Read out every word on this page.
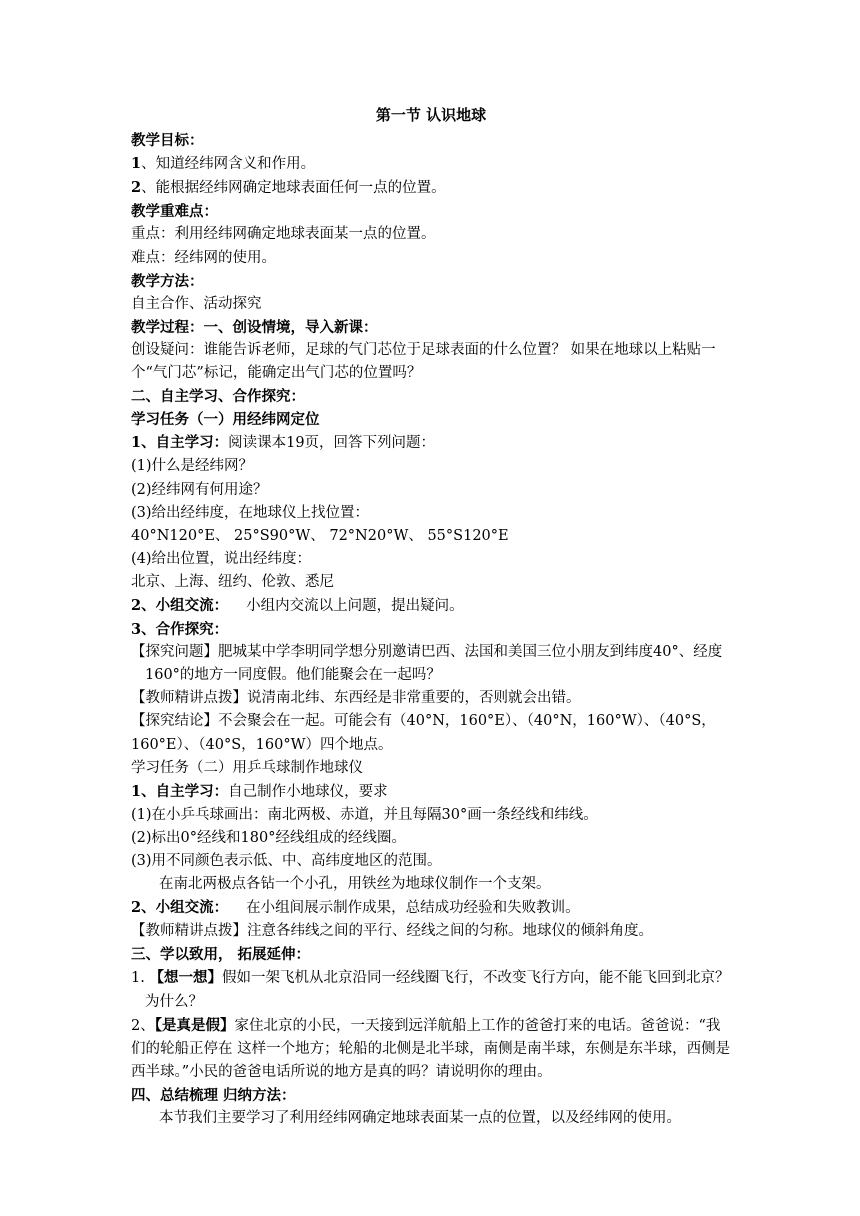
第一节 认识地球
教学目标：
1、知道经纬网含义和作用。
2、能根据经纬网确定地球表面任何一点的位置。
教学重难点：
重点：利用经纬网确定地球表面某一点的位置。
难点：经纬网的使用。
教学方法：
自主合作、活动探究
教学过程：一、创设情境，导入新课：
创设疑问：谁能告诉老师，足球的气门芯位于足球表面的什么位置？ 如果在地球以上粘贴一个“气门芯”标记，能确定出气门芯的位置吗？
二、自主学习、合作探究：
学习任务（一）用经纬网定位
1、自主学习：阅读课本19页，回答下列问题：
(1)什么是经纬网？
(2)经纬网有何用途？
(3)给出经纬度，在地球仪上找位置：
40°N120°E、 25°S90°W、 72°N20°W、 55°S120°E
(4)给出位置，说出经纬度：
北京、上海、纽约、伦敦、悉尼
2、小组交流： 小组内交流以上问题，提出疑问。
3、合作探究：
【探究问题】肥城某中学李明同学想分别邀请巴西、法国和美国三位小朋友到纬度40°、经度160°的地方一同度假。他们能聚会在一起吗？
【教师精讲点拨】说清南北纬、东西经是非常重要的，否则就会出错。
【探究结论】不会聚会在一起。可能会有（40°N，160°E）、（40°N，160°W）、（40°S，160°E）、（40°S，160°W）四个地点。
学习任务（二）用乒乓球制作地球仪
1、自主学习：自己制作小地球仪，要求
(1)在小乒乓球画出：南北两极、赤道，并且每隔30°画一条经线和纬线。
(2)标出0°经线和180°经线组成的经线圈。
(3)用不同颜色表示低、中、高纬度地区的范围。
在南北两极点各钻一个小孔，用铁丝为地球仪制作一个支架。
2、小组交流： 在小组间展示制作成果，总结成功经验和失败教训。
【教师精讲点拨】注意各纬线之间的平行、经线之间的匀称。地球仪的倾斜角度。
三、学以致用， 拓展延伸：
1. 【想一想】假如一架飞机从北京沿同一经线圈飞行，不改变飞行方向，能不能飞回到北京？为什么？
2、【是真是假】家住北京的小民，一天接到远洋航船上工作的爸爸打来的电话。爸爸说：“我们的轮船正停在 这样一个地方；轮船的北侧是北半球，南侧是南半球，东侧是东半球，西侧是西半球。”小民的爸爸电话所说的地方是真的吗？请说明你的理由。
四、总结梳理 归纳方法：
本节我们主要学习了利用经纬网确定地球表面某一点的位置，以及经纬网的使用。
